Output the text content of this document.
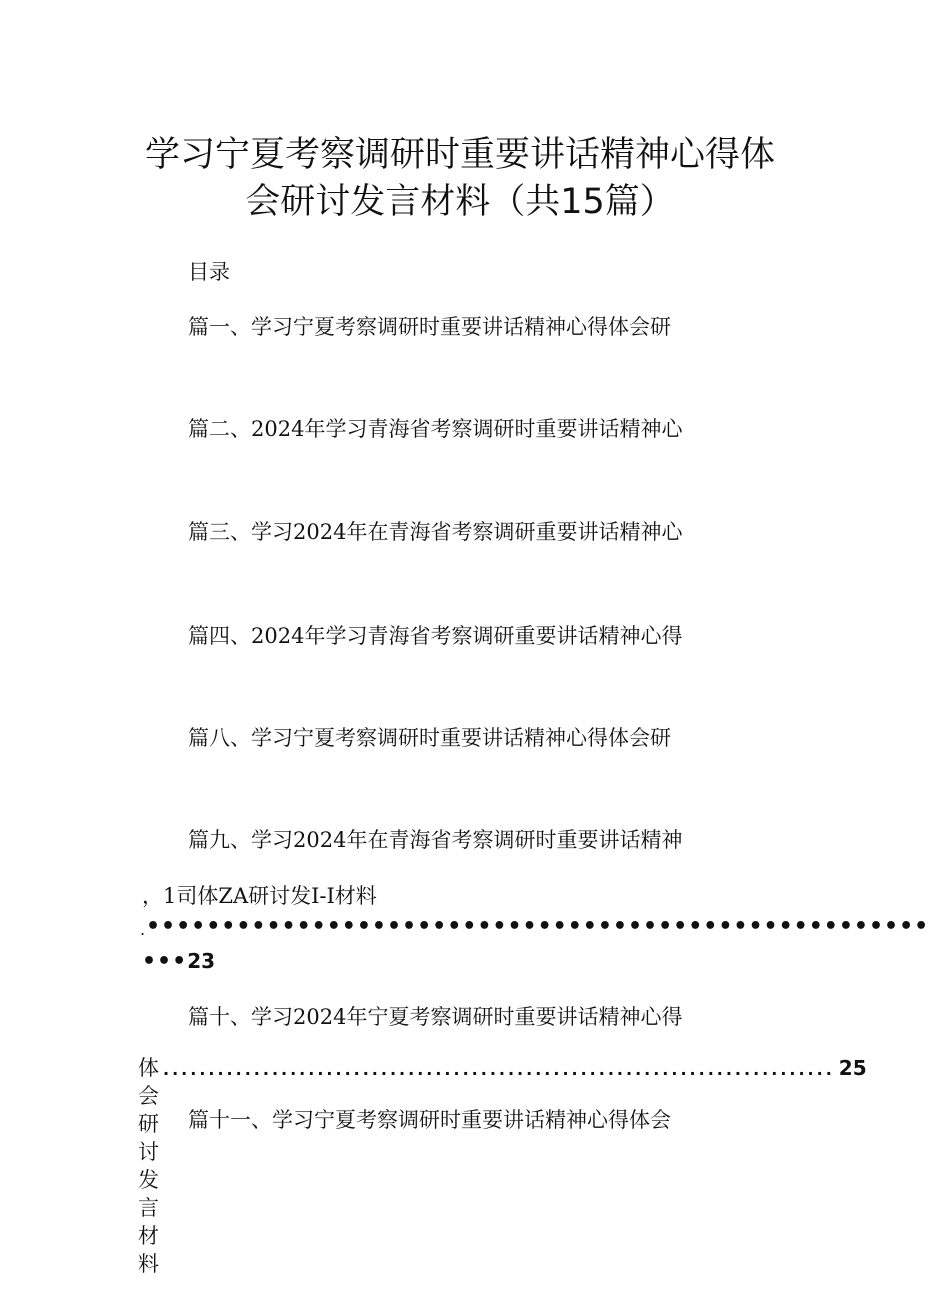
学习宁夏考察调研时重要讲话精神心得体
会研讨发言材料（共15篇）
目录
篇一、学习宁夏考察调研时重要讲话精神心得体会研
篇二、2024年学习青海省考察调研时重要讲话精神心
篇三、学习2024年在青海省考察调研重要讲话精神心
篇四、2024年学习青海省考察调研重要讲话精神心得
篇八、学习宁夏考察调研时重要讲话精神心得体会研
篇九、学习2024年在青海省考察调研时重要讲话精神
，1司体ZA研讨发I-I材料
. ••••••••••••••••••••••••••••••••••••••••••••••••••••
•••23
篇十、学习2024年宁夏考察调研时重要讲话精神心得
体会研讨发言材料
.......................................................................... 25
篇十一、学习宁夏考察调研时重要讲话精神心得体会
